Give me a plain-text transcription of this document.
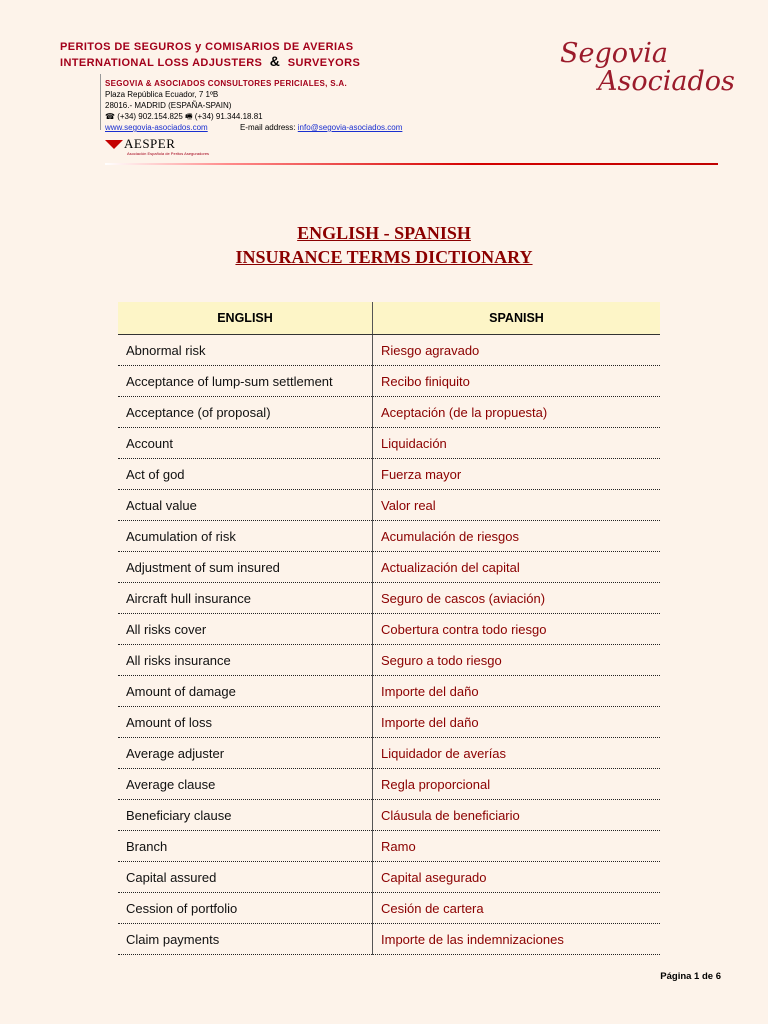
PERITOS DE SEGUROS y COMISARIOS DE AVERIAS
INTERNATIONAL LOSS ADJUSTERS & SURVEYORS
SEGOVIA & ASOCIADOS CONSULTORES PERICIALES, S.A.
Plaza República Ecuador, 7 1ºB
28016.- MADRID (ESPAÑA-SPAIN)
☎ (+34) 902.154.825 🖷 (+34) 91.344.18.81
www.segovia-asociados.com	E-mail address: info@segovia-asociados.com
AESPER
Asociación Española de Peritos Aseguradores
Segovia
Asociados
ENGLISH - SPANISH
INSURANCE TERMS DICTIONARY
ENGLISH	SPANISH
Abnormal risk	Riesgo agravado
Acceptance of lump-sum settlement	Recibo finiquito
Acceptance (of proposal)	Aceptación (de la propuesta)
Account	Liquidación
Act of god	Fuerza mayor
Actual value	Valor real
Acumulation of risk	Acumulación de riesgos
Adjustment of sum insured	Actualización del capital
Aircraft hull insurance	Seguro de cascos (aviación)
All risks cover	Cobertura contra todo riesgo
All risks insurance	Seguro a todo riesgo
Amount of damage	Importe del daño
Amount of loss	Importe del daño
Average adjuster	Liquidador de averías
Average clause	Regla proporcional
Beneficiary clause	Cláusula de beneficiario
Branch	Ramo
Capital assured	Capital asegurado
Cession of portfolio	Cesión de cartera
Claim payments	Importe de las indemnizaciones
Página 1 de 6
